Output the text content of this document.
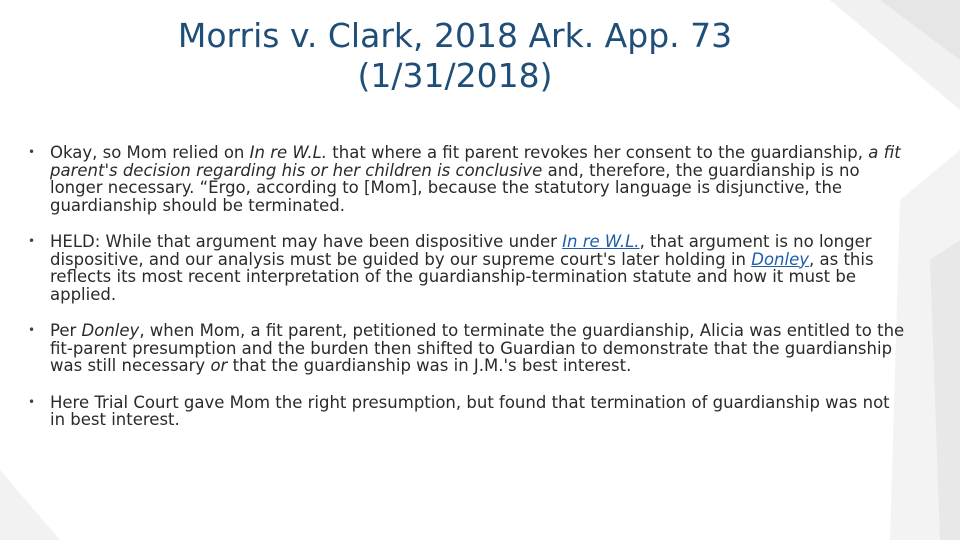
Morris v. Clark, 2018 Ark. App. 73
(1/31/2018)
• Okay, so Mom relied on In re W.L. that where a fit parent revokes her consent to the guardianship, a fit parent's decision regarding his or her children is conclusive and, therefore, the guardianship is no longer necessary. “Ergo, according to [Mom], because the statutory language is disjunctive, the guardianship should be terminated.
• HELD: While that argument may have been dispositive under In re W.L., that argument is no longer dispositive, and our analysis must be guided by our supreme court's later holding in Donley, as this reflects its most recent interpretation of the guardianship-termination statute and how it must be applied.
• Per Donley, when Mom, a fit parent, petitioned to terminate the guardianship, Alicia was entitled to the fit-parent presumption and the burden then shifted to Guardian to demonstrate that the guardianship was still necessary or that the guardianship was in J.M.'s best interest.
• Here Trial Court gave Mom the right presumption, but found that termination of guardianship was not in best interest.
